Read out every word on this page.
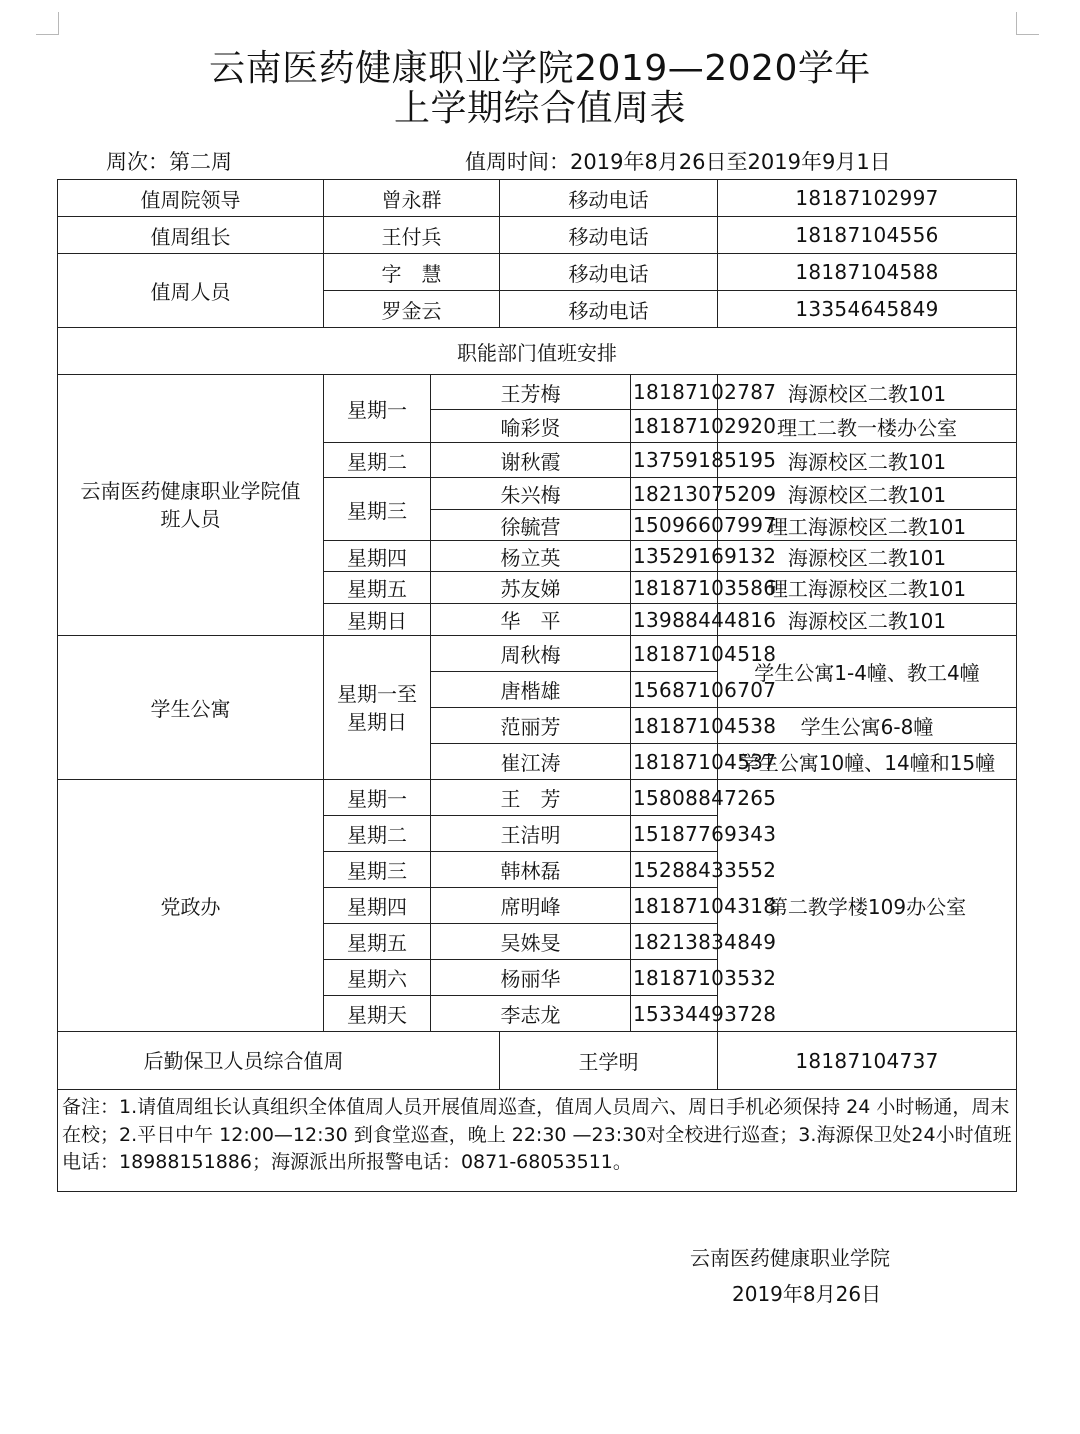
云南医药健康职业学院2019—2020学年
上学期综合值周表
周次：第二周	值周时间：2019年8月26日至2019年9月1日
值周院领导	曾永群		移动电话		18187102997
值周组长	王付兵		移动电话		18187104556
值周人员	字　慧		移动电话		18187104588
	罗金云		移动电话		13354645849
职能部门值班安排					
云南医药健康职业学院值班人员	星期一	王芳梅		18187102787	海源校区二教101
		喻彩贤		18187102920	理工二教一楼办公室
	星期二	谢秋霞		13759185195	海源校区二教101
	星期三	朱兴梅		18213075209	海源校区二教101
		徐毓营		15096607997	理工海源校区二教101
	星期四	杨立英		13529169132	海源校区二教101
	星期五	苏友娣		18187103586	理工海源校区二教101
	星期日	华　平		13988444816	海源校区二教101
学生公寓	星期一至星期日	周秋梅		18187104518	学生公寓1-4幢、教工4幢
		唐楷雄		15687106707	
		范丽芳		18187104538	学生公寓6-8幢
		崔江涛		18187104537	学生公寓10幢、14幢和15幢
党政办	星期一	王　芳		15808847265	第二教学楼109办公室
	星期二	王洁明		15187769343	
	星期三	韩林磊		15288433552	
	星期四	席明峰		18187104318	
	星期五	吴姝旻		18213834849	
	星期六	杨丽华		18187103532	
	星期天	李志龙		15334493728	
后勤保卫人员综合值周			王学明		18187104737
备注：1.请值周组长认真组织全体值周人员开展值周巡查，值周人员周六、周日手机必须保持 24 小时畅通，周末在校；2.平日中午 12:00—12:30 到食堂巡查，晚上 22:30 —23:30对全校进行巡查；3.海源保卫处24小时值班电话：18988151886；海源派出所报警电话：0871-68053511。					
云南医药健康职业学院
2019年8月26日
